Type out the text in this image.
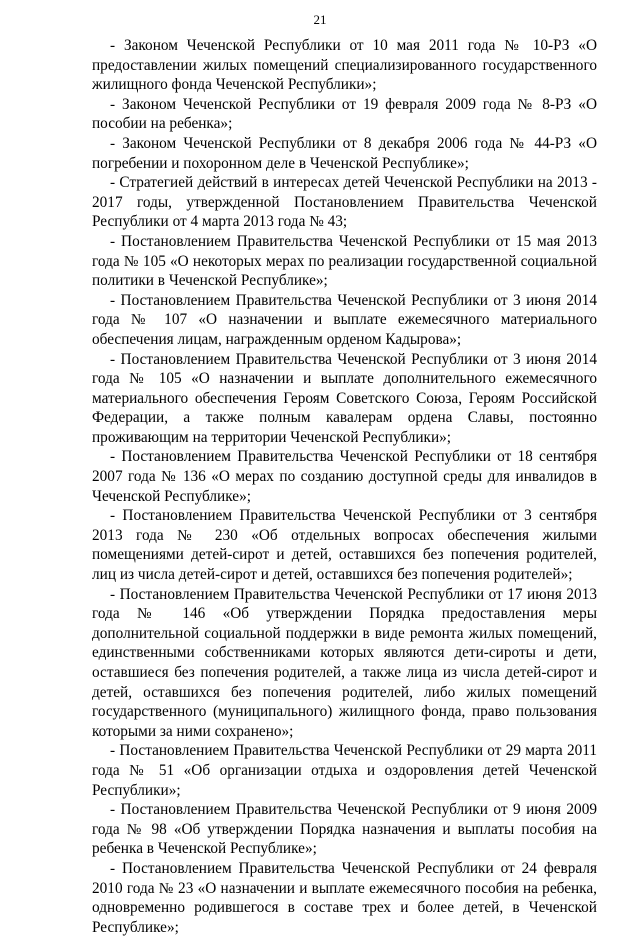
21

- Законом Чеченской Республики от 10 мая 2011 года № 10-РЗ «О предоставлении жилых помещений специализированного государственного жилищного фонда Чеченской Республики»;

- Законом Чеченской Республики от 19 февраля 2009 года № 8-РЗ «О пособии на ребенка»;

- Законом Чеченской Республики от 8 декабря 2006 года № 44-РЗ «О погребении и похоронном деле в Чеченской Республике»;

- Стратегией действий в интересах детей Чеченской Республики на 2013 - 2017 годы, утвержденной Постановлением Правительства Чеченской Республики от 4 марта 2013 года № 43;

- Постановлением Правительства Чеченской Республики от 15 мая 2013 года № 105 «О некоторых мерах по реализации государственной социальной политики в Чеченской Республике»;

- Постановлением Правительства Чеченской Республики от 3 июня 2014 года № 107 «О назначении и выплате ежемесячного материального обеспечения лицам, награжденным орденом Кадырова»;

- Постановлением Правительства Чеченской Республики от 3 июня 2014 года № 105 «О назначении и выплате дополнительного ежемесячного материального обеспечения Героям Советского Союза, Героям Российской Федерации, а также полным кавалерам ордена Славы, постоянно проживающим на территории Чеченской Республики»;

- Постановлением Правительства Чеченской Республики от 18 сентября 2007 года № 136 «О мерах по созданию доступной среды для инвалидов в Чеченской Республике»;

- Постановлением Правительства Чеченской Республики от 3 сентября 2013 года № 230 «Об отдельных вопросах обеспечения жилыми помещениями детей-сирот и детей, оставшихся без попечения родителей, лиц из числа детей-сирот и детей, оставшихся без попечения родителей»;

- Постановлением Правительства Чеченской Республики от 17 июня 2013 года № 146 «Об утверждении Порядка предоставления меры дополнительной социальной поддержки в виде ремонта жилых помещений, единственными собственниками которых являются дети-сироты и дети, оставшиеся без попечения родителей, а также лица из числа детей-сирот и детей, оставшихся без попечения родителей, либо жилых помещений государственного (муниципального) жилищного фонда, право пользования которыми за ними сохранено»;

- Постановлением Правительства Чеченской Республики от 29 марта 2011 года № 51 «Об организации отдыха и оздоровления детей Чеченской Республики»;

- Постановлением Правительства Чеченской Республики от 9 июня 2009 года № 98 «Об утверждении Порядка назначения и выплаты пособия на ребенка в Чеченской Республике»;

- Постановлением Правительства Чеченской Республики от 24 февраля 2010 года № 23 «О назначении и выплате ежемесячного пособия на ребенка, одновременно родившегося в составе трех и более детей, в Чеченской Республике»;
